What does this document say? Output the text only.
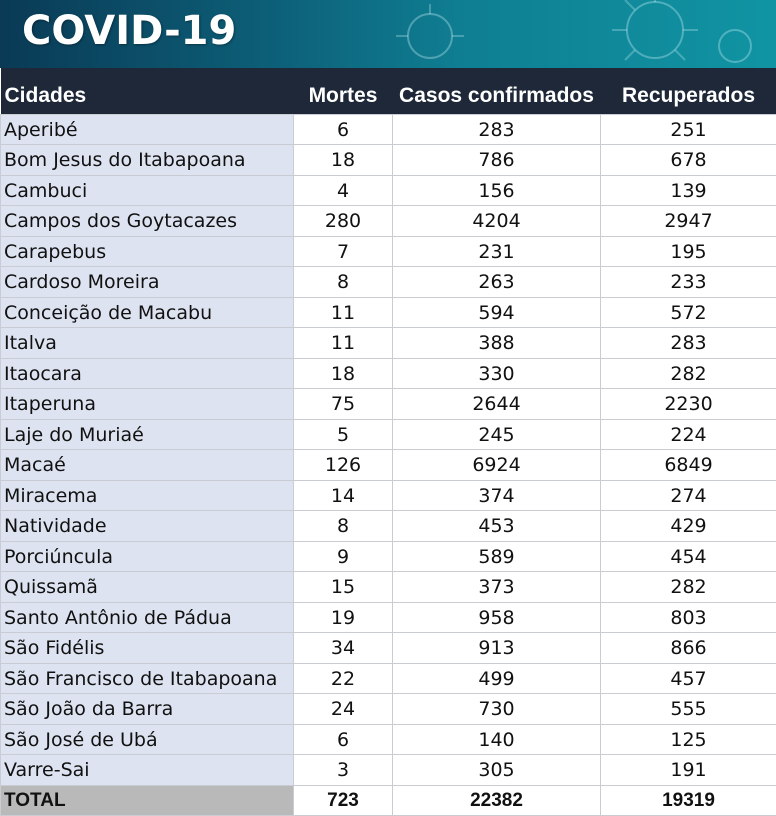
COVID-19
Cidades	Mortes	Casos confirmados	Recuperados
Aperibé	6	283	251
Bom Jesus do Itabapoana	18	786	678
Cambuci	4	156	139
Campos dos Goytacazes	280	4204	2947
Carapebus	7	231	195
Cardoso Moreira	8	263	233
Conceição de Macabu	11	594	572
Italva	11	388	283
Itaocara	18	330	282
Itaperuna	75	2644	2230
Laje do Muriaé	5	245	224
Macaé	126	6924	6849
Miracema	14	374	274
Natividade	8	453	429
Porciúncula	9	589	454
Quissamã	15	373	282
Santo Antônio de Pádua	19	958	803
São Fidélis	34	913	866
São Francisco de Itabapoana	22	499	457
São João da Barra	24	730	555
São José de Ubá	6	140	125
Varre-Sai	3	305	191
TOTAL	723	22382	19319
